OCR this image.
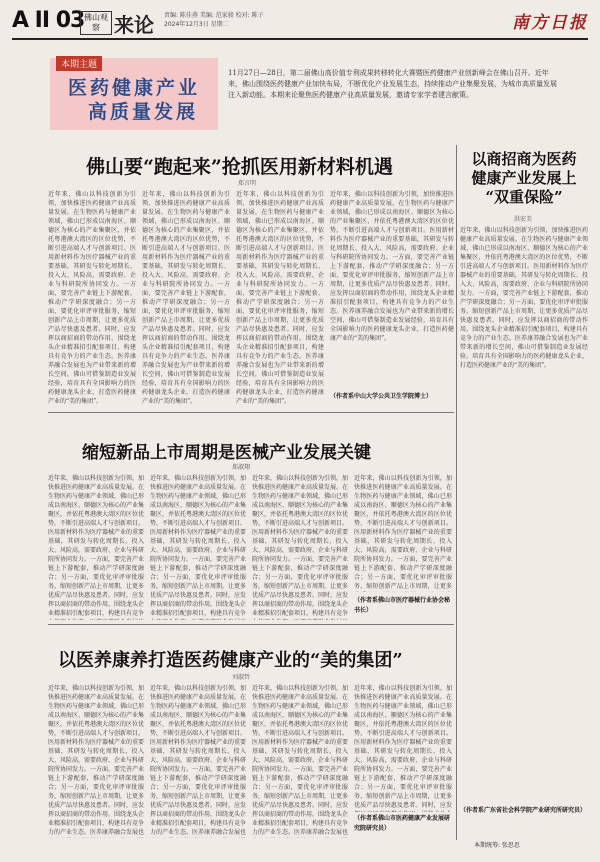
A II 03 佛山观察 来论 责编: 陈佳燕 美编: 范家骏 校对: 陈子
2024年12月3日 星期二	南方日报
本期主题
医药健康产业
高质量发展
11月27日—28日，第二届佛山高价值专利成果转移转化大赛暨医药健康产业创新峰会在佛山召开。近年来，佛山围绕医药健康产业加快布局，不断优化产业发展生态，持续推动产业集聚发展，为城市高质量发展注入新动能。本期来论聚焦医药健康产业高质量发展，邀请专家学者建言献策。
佛山要“跑起来”抢抓医用新材料机遇
郑言明
近年来，佛山以科技创新为引领，加快推进医药健康产业高质量发展。在生物医药与健康产业领域，佛山已形成以南海区、顺德区为核心的产业集聚区，并依托粤港澳大湾区的区位优势，不断引进高端人才与创新项目。医用新材料作为医疗器械产业的重要基础，其研发与转化周期长、投入大、风险高，需要政府、企业与科研院所协同发力。一方面，要完善产业链上下游配套，推动产学研深度融合；另一方面，要优化审评审批服务，缩短创新产品上市周期，让更多优质产品尽快惠及患者。同时，应发挥以商招商的带动作用，围绕龙头企业精准招引配套项目，构建具有竞争力的产业生态。医养康养融合发展也为产业带来新的增长空间，佛山可借鉴制造业发展经验，培育具有全国影响力的医药健康龙头企业，打造医药健康产业的“美的集团”。
近年来，佛山以科技创新为引领，加快推进医药健康产业高质量发展。在生物医药与健康产业领域，佛山已形成以南海区、顺德区为核心的产业集聚区，并依托粤港澳大湾区的区位优势，不断引进高端人才与创新项目。医用新材料作为医疗器械产业的重要基础，其研发与转化周期长、投入大、风险高，需要政府、企业与科研院所协同发力。一方面，要完善产业链上下游配套，推动产学研深度融合；另一方面，要优化审评审批服务，缩短创新产品上市周期，让更多优质产品尽快惠及患者。同时，应发挥以商招商的带动作用，围绕龙头企业精准招引配套项目，构建具有竞争力的产业生态。医养康养融合发展也为产业带来新的增长空间，佛山可借鉴制造业发展经验，培育具有全国影响力的医药健康龙头企业，打造医药健康产业的“美的集团”。
近年来，佛山以科技创新为引领，加快推进医药健康产业高质量发展。在生物医药与健康产业领域，佛山已形成以南海区、顺德区为核心的产业集聚区，并依托粤港澳大湾区的区位优势，不断引进高端人才与创新项目。医用新材料作为医疗器械产业的重要基础，其研发与转化周期长、投入大、风险高，需要政府、企业与科研院所协同发力。一方面，要完善产业链上下游配套，推动产学研深度融合；另一方面，要优化审评审批服务，缩短创新产品上市周期，让更多优质产品尽快惠及患者。同时，应发挥以商招商的带动作用，围绕龙头企业精准招引配套项目，构建具有竞争力的产业生态。医养康养融合发展也为产业带来新的增长空间，佛山可借鉴制造业发展经验，培育具有全国影响力的医药健康龙头企业，打造医药健康产业的“美的集团”。
近年来，佛山以科技创新为引领，加快推进医药健康产业高质量发展。在生物医药与健康产业领域，佛山已形成以南海区、顺德区为核心的产业集聚区，并依托粤港澳大湾区的区位优势，不断引进高端人才与创新项目。医用新材料作为医疗器械产业的重要基础，其研发与转化周期长、投入大、风险高，需要政府、企业与科研院所协同发力。一方面，要完善产业链上下游配套，推动产学研深度融合；另一方面，要优化审评审批服务，缩短创新产品上市周期，让更多优质产品尽快惠及患者。同时，应发挥以商招商的带动作用，围绕龙头企业精准招引配套项目，构建具有竞争力的产业生态。医养康养融合发展也为产业带来新的增长空间，佛山可借鉴制造业发展经验，培育具有全国影响力的医药健康龙头企业，打造医药健康产业的“美的集团”。
（作者系中山大学公共卫生学院博士）
以商招商为医药
健康产业发展上
“双重保险”
洪宏美
近年来，佛山以科技创新为引领，加快推进医药健康产业高质量发展。在生物医药与健康产业领域，佛山已形成以南海区、顺德区为核心的产业集聚区，并依托粤港澳大湾区的区位优势，不断引进高端人才与创新项目。医用新材料作为医疗器械产业的重要基础，其研发与转化周期长、投入大、风险高，需要政府、企业与科研院所协同发力。一方面，要完善产业链上下游配套，推动产学研深度融合；另一方面，要优化审评审批服务，缩短创新产品上市周期，让更多优质产品尽快惠及患者。同时，应发挥以商招商的带动作用，围绕龙头企业精准招引配套项目，构建具有竞争力的产业生态。医养康养融合发展也为产业带来新的增长空间，佛山可借鉴制造业发展经验，培育具有全国影响力的医药健康龙头企业，打造医药健康产业的“美的集团”。
（作者系广东省社会科学院产业研究所研究员）
缩短新品上市周期是医械产业发展关键
郑淑翔
近年来，佛山以科技创新为引领，加快推进医药健康产业高质量发展。在生物医药与健康产业领域，佛山已形成以南海区、顺德区为核心的产业集聚区，并依托粤港澳大湾区的区位优势，不断引进高端人才与创新项目。医用新材料作为医疗器械产业的重要基础，其研发与转化周期长、投入大、风险高，需要政府、企业与科研院所协同发力。一方面，要完善产业链上下游配套，推动产学研深度融合；另一方面，要优化审评审批服务，缩短创新产品上市周期，让更多优质产品尽快惠及患者。同时，应发挥以商招商的带动作用，围绕龙头企业精准招引配套项目，构建具有竞争
近年来，佛山以科技创新为引领，加快推进医药健康产业高质量发展。在生物医药与健康产业领域，佛山已形成以南海区、顺德区为核心的产业集聚区，并依托粤港澳大湾区的区位优势，不断引进高端人才与创新项目。医用新材料作为医疗器械产业的重要基础，其研发与转化周期长、投入大、风险高，需要政府、企业与科研院所协同发力。一方面，要完善产业链上下游配套，推动产学研深度融合；另一方面，要优化审评审批服务，缩短创新产品上市周期，让更多优质产品尽快惠及患者。同时，应发挥以商招商的带动作用，围绕龙头企业精准招引配套项目，构建具有竞争
近年来，佛山以科技创新为引领，加快推进医药健康产业高质量发展。在生物医药与健康产业领域，佛山已形成以南海区、顺德区为核心的产业集聚区，并依托粤港澳大湾区的区位优势，不断引进高端人才与创新项目。医用新材料作为医疗器械产业的重要基础，其研发与转化周期长、投入大、风险高，需要政府、企业与科研院所协同发力。一方面，要完善产业链上下游配套，推动产学研深度融合；另一方面，要优化审评审批服务，缩短创新产品上市周期，让更多优质产品尽快惠及患者。同时，应发挥以商招商的带动作用，围绕龙头企业精准招引配套项目，构建具有竞争
近年来，佛山以科技创新为引领，加快推进医药健康产业高质量发展。在生物医药与健康产业领域，佛山已形成以南海区、顺德区为核心的产业集聚区，并依托粤港澳大湾区的区位优势，不断引进高端人才与创新项目。医用新材料作为医疗器械产业的重要基础，其研发与转化周期长、投入大、风险高，需要政府、企业与科研院所协同发力。一方面，要完善产业链上下游配套，推动产学研深度融合；另一方面，要优化审评审批服务，缩短创新产品上市周期，让更多
（作者系佛山市医疗器械行业协会秘书长）
以医养康养打造医药健康产业的“美的集团”
刘淑哲
近年来，佛山以科技创新为引领，加快推进医药健康产业高质量发展。在生物医药与健康产业领域，佛山已形成以南海区、顺德区为核心的产业集聚区，并依托粤港澳大湾区的区位优势，不断引进高端人才与创新项目。医用新材料作为医疗器械产业的重要基础，其研发与转化周期长、投入大、风险高，需要政府、企业与科研院所协同发力。一方面，要完善产业链上下游配套，推动产学研深度融合；另一方面，要优化审评审批服务，缩短创新产品上市周期，让更多优质产品尽快惠及患者。同时，应发挥以商招商的带动作用，围绕龙头企业精准招引配套项目，构建具有竞争力的产业生态。医养康养融合发展也
近年来，佛山以科技创新为引领，加快推进医药健康产业高质量发展。在生物医药与健康产业领域，佛山已形成以南海区、顺德区为核心的产业集聚区，并依托粤港澳大湾区的区位优势，不断引进高端人才与创新项目。医用新材料作为医疗器械产业的重要基础，其研发与转化周期长、投入大、风险高，需要政府、企业与科研院所协同发力。一方面，要完善产业链上下游配套，推动产学研深度融合；另一方面，要优化审评审批服务，缩短创新产品上市周期，让更多优质产品尽快惠及患者。同时，应发挥以商招商的带动作用，围绕龙头企业精准招引配套项目，构建具有竞争力的产业生态。医养康养融合发展也
近年来，佛山以科技创新为引领，加快推进医药健康产业高质量发展。在生物医药与健康产业领域，佛山已形成以南海区、顺德区为核心的产业集聚区，并依托粤港澳大湾区的区位优势，不断引进高端人才与创新项目。医用新材料作为医疗器械产业的重要基础，其研发与转化周期长、投入大、风险高，需要政府、企业与科研院所协同发力。一方面，要完善产业链上下游配套，推动产学研深度融合；另一方面，要优化审评审批服务，缩短创新产品上市周期，让更多优质产品尽快惠及患者。同时，应发挥以商招商的带动作用，围绕龙头企业精准招引配套项目，构建具有竞争力的产业生态。医养康养融合发展也
近年来，佛山以科技创新为引领，加快推进医药健康产业高质量发展。在生物医药与健康产业领域，佛山已形成以南海区、顺德区为核心的产业集聚区，并依托粤港澳大湾区的区位优势，不断引进高端人才与创新项目。医用新材料作为医疗器械产业的重要基础，其研发与转化周期长、投入大、风险高，需要政府、企业与科研院所协同发力。一方面，要完善产业链上下游配套，推动产学研深度融合；另一方面，要优化审评审批服务，缩短创新产品上市周期，让更多优质产品尽快惠及患者。同时，应发
（作者系佛山市医药健康产业发展研究院研究员）
本期统筹: 张思思
